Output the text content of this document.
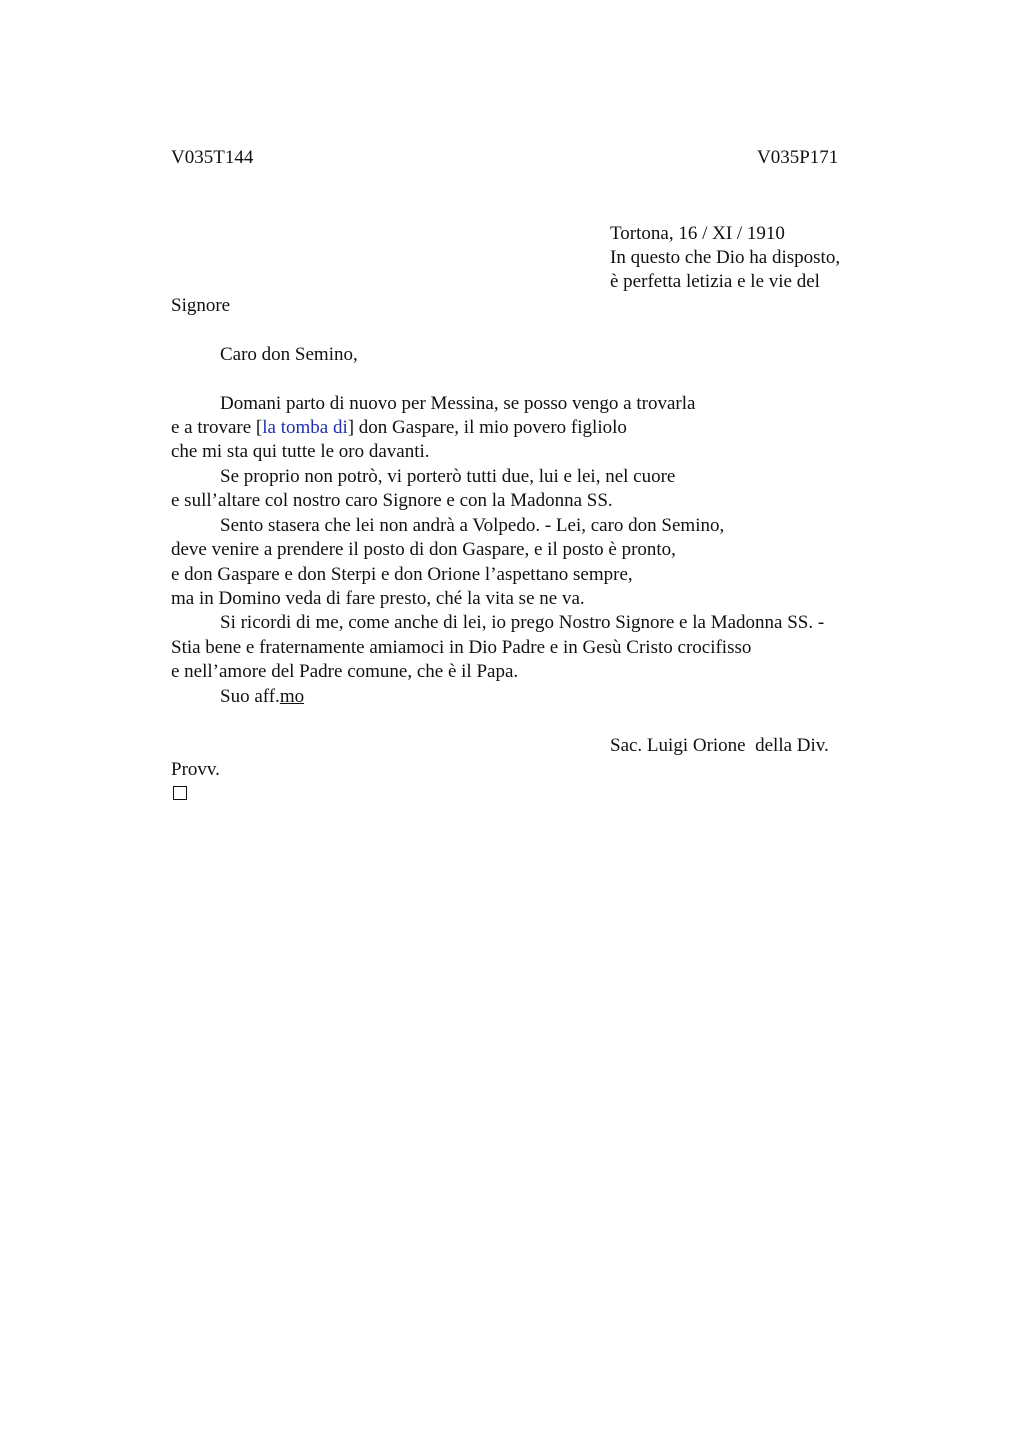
V035T144	V035P171
Tortona, 16 / XI / 1910
In questo che Dio ha disposto,
è perfetta letizia e le vie del
Signore
Caro don Semino,
Domani parto di nuovo per Messina, se posso vengo a trovarla
e a trovare [la tomba di] don Gaspare, il mio povero figliolo
che mi sta qui tutte le oro davanti.
Se proprio non potrò, vi porterò tutti due, lui e lei, nel cuore
e sull’altare col nostro caro Signore e con la Madonna SS.
Sento stasera che lei non andrà a Volpedo. - Lei, caro don Semino,
deve venire a prendere il posto di don Gaspare, e il posto è pronto,
e don Gaspare e don Sterpi e don Orione l’aspettano sempre,
ma in Domino veda di fare presto, ché la vita se ne va.
Si ricordi di me, come anche di lei, io prego Nostro Signore e la Madonna SS. -
Stia bene e fraternamente amiamoci in Dio Padre e in Gesù Cristo crocifisso
e nell’amore del Padre comune, che è il Papa.
Suo aff.mo
Sac. Luigi Orione  della Div.
Provv.
